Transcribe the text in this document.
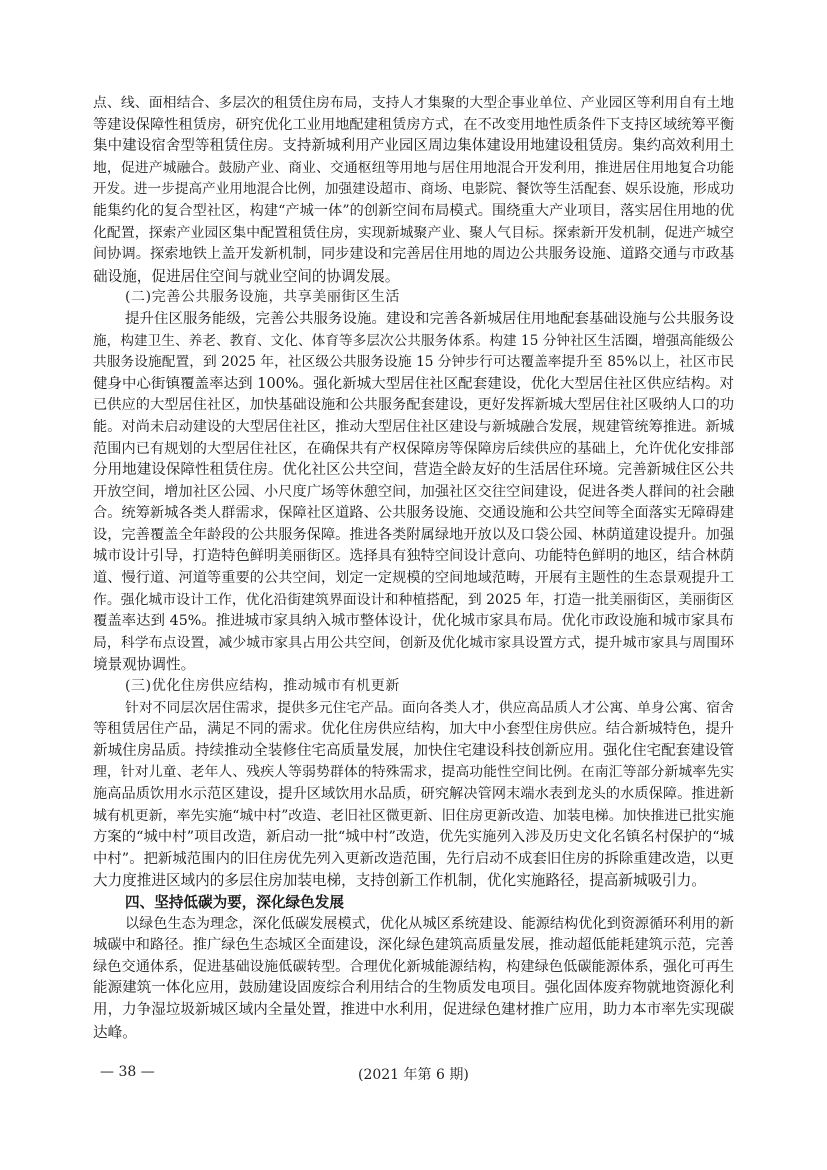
点、线、面相结合、多层次的租赁住房布局，支持人才集聚的大型企事业单位、产业园区等利用自有土地
等建设保障性租赁房，研究优化工业用地配建租赁房方式，在不改变用地性质条件下支持区域统筹平衡
集中建设宿舍型等租赁住房。支持新城利用产业园区周边集体建设用地建设租赁房。集约高效利用土
地，促进产城融合。鼓励产业、商业、交通枢纽等用地与居住用地混合开发利用，推进居住用地复合功能
开发。进一步提高产业用地混合比例，加强建设超市、商场、电影院、餐饮等生活配套、娱乐设施，形成功
能集约化的复合型社区，构建“产城一体”的创新空间布局模式。围绕重大产业项目，落实居住用地的优
化配置，探索产业园区集中配置租赁住房，实现新城聚产业、聚人气目标。探索新开发机制，促进产城空
间协调。探索地铁上盖开发新机制，同步建设和完善居住用地的周边公共服务设施、道路交通与市政基
础设施，促进居住空间与就业空间的协调发展。
(二)完善公共服务设施，共享美丽街区生活
提升住区服务能级，完善公共服务设施。建设和完善各新城居住用地配套基础设施与公共服务设
施，构建卫生、养老、教育、文化、体育等多层次公共服务体系。构建 15 分钟社区生活圈，增强高能级公
共服务设施配置，到 2025 年，社区级公共服务设施 15 分钟步行可达覆盖率提升至 85%以上，社区市民
健身中心街镇覆盖率达到 100%。强化新城大型居住社区配套建设，优化大型居住社区供应结构。对
已供应的大型居住社区，加快基础设施和公共服务配套建设，更好发挥新城大型居住社区吸纳人口的功
能。对尚未启动建设的大型居住社区，推动大型居住社区建设与新城融合发展，规建管统筹推进。新城
范围内已有规划的大型居住社区，在确保共有产权保障房等保障房后续供应的基础上，允许优化安排部
分用地建设保障性租赁住房。优化社区公共空间，营造全龄友好的生活居住环境。完善新城住区公共
开放空间，增加社区公园、小尺度广场等休憩空间，加强社区交往空间建设，促进各类人群间的社会融
合。统筹新城各类人群需求，保障社区道路、公共服务设施、交通设施和公共空间等全面落实无障碍建
设，完善覆盖全年龄段的公共服务保障。推进各类附属绿地开放以及口袋公园、林荫道建设提升。加强
城市设计引导，打造特色鲜明美丽街区。选择具有独特空间设计意向、功能特色鲜明的地区，结合林荫
道、慢行道、河道等重要的公共空间，划定一定规模的空间地域范畴，开展有主题性的生态景观提升工
作。强化城市设计工作，优化沿街建筑界面设计和种植搭配，到 2025 年，打造一批美丽街区，美丽街区
覆盖率达到 45%。推进城市家具纳入城市整体设计，优化城市家具布局。优化市政设施和城市家具布
局，科学布点设置，减少城市家具占用公共空间，创新及优化城市家具设置方式，提升城市家具与周围环
境景观协调性。
(三)优化住房供应结构，推动城市有机更新
针对不同层次居住需求，提供多元住宅产品。面向各类人才，供应高品质人才公寓、单身公寓、宿舍
等租赁居住产品，满足不同的需求。优化住房供应结构，加大中小套型住房供应。结合新城特色，提升
新城住房品质。持续推动全装修住宅高质量发展，加快住宅建设科技创新应用。强化住宅配套建设管
理，针对儿童、老年人、残疾人等弱势群体的特殊需求，提高功能性空间比例。在南汇等部分新城率先实
施高品质饮用水示范区建设，提升区域饮用水品质，研究解决管网末端水表到龙头的水质保障。推进新
城有机更新，率先实施“城中村”改造、老旧社区微更新、旧住房更新改造、加装电梯。加快推进已批实施
方案的“城中村”项目改造，新启动一批“城中村”改造，优先实施列入涉及历史文化名镇名村保护的“城
中村”。把新城范围内的旧住房优先列入更新改造范围，先行启动不成套旧住房的拆除重建改造，以更
大力度推进区域内的多层住房加装电梯，支持创新工作机制，优化实施路径，提高新城吸引力。
四、坚持低碳为要，深化绿色发展
以绿色生态为理念，深化低碳发展模式，优化从城区系统建设、能源结构优化到资源循环利用的新
城碳中和路径。推广绿色生态城区全面建设，深化绿色建筑高质量发展，推动超低能耗建筑示范，完善
绿色交通体系，促进基础设施低碳转型。合理优化新城能源结构，构建绿色低碳能源体系，强化可再生
能源建筑一体化应用，鼓励建设固废综合利用结合的生物质发电项目。强化固体废弃物就地资源化利
用，力争湿垃圾新城区域内全量处置，推进中水利用，促进绿色建材推广应用，助力本市率先实现碳
达峰。
— 38 —	(2021 年第 6 期)
